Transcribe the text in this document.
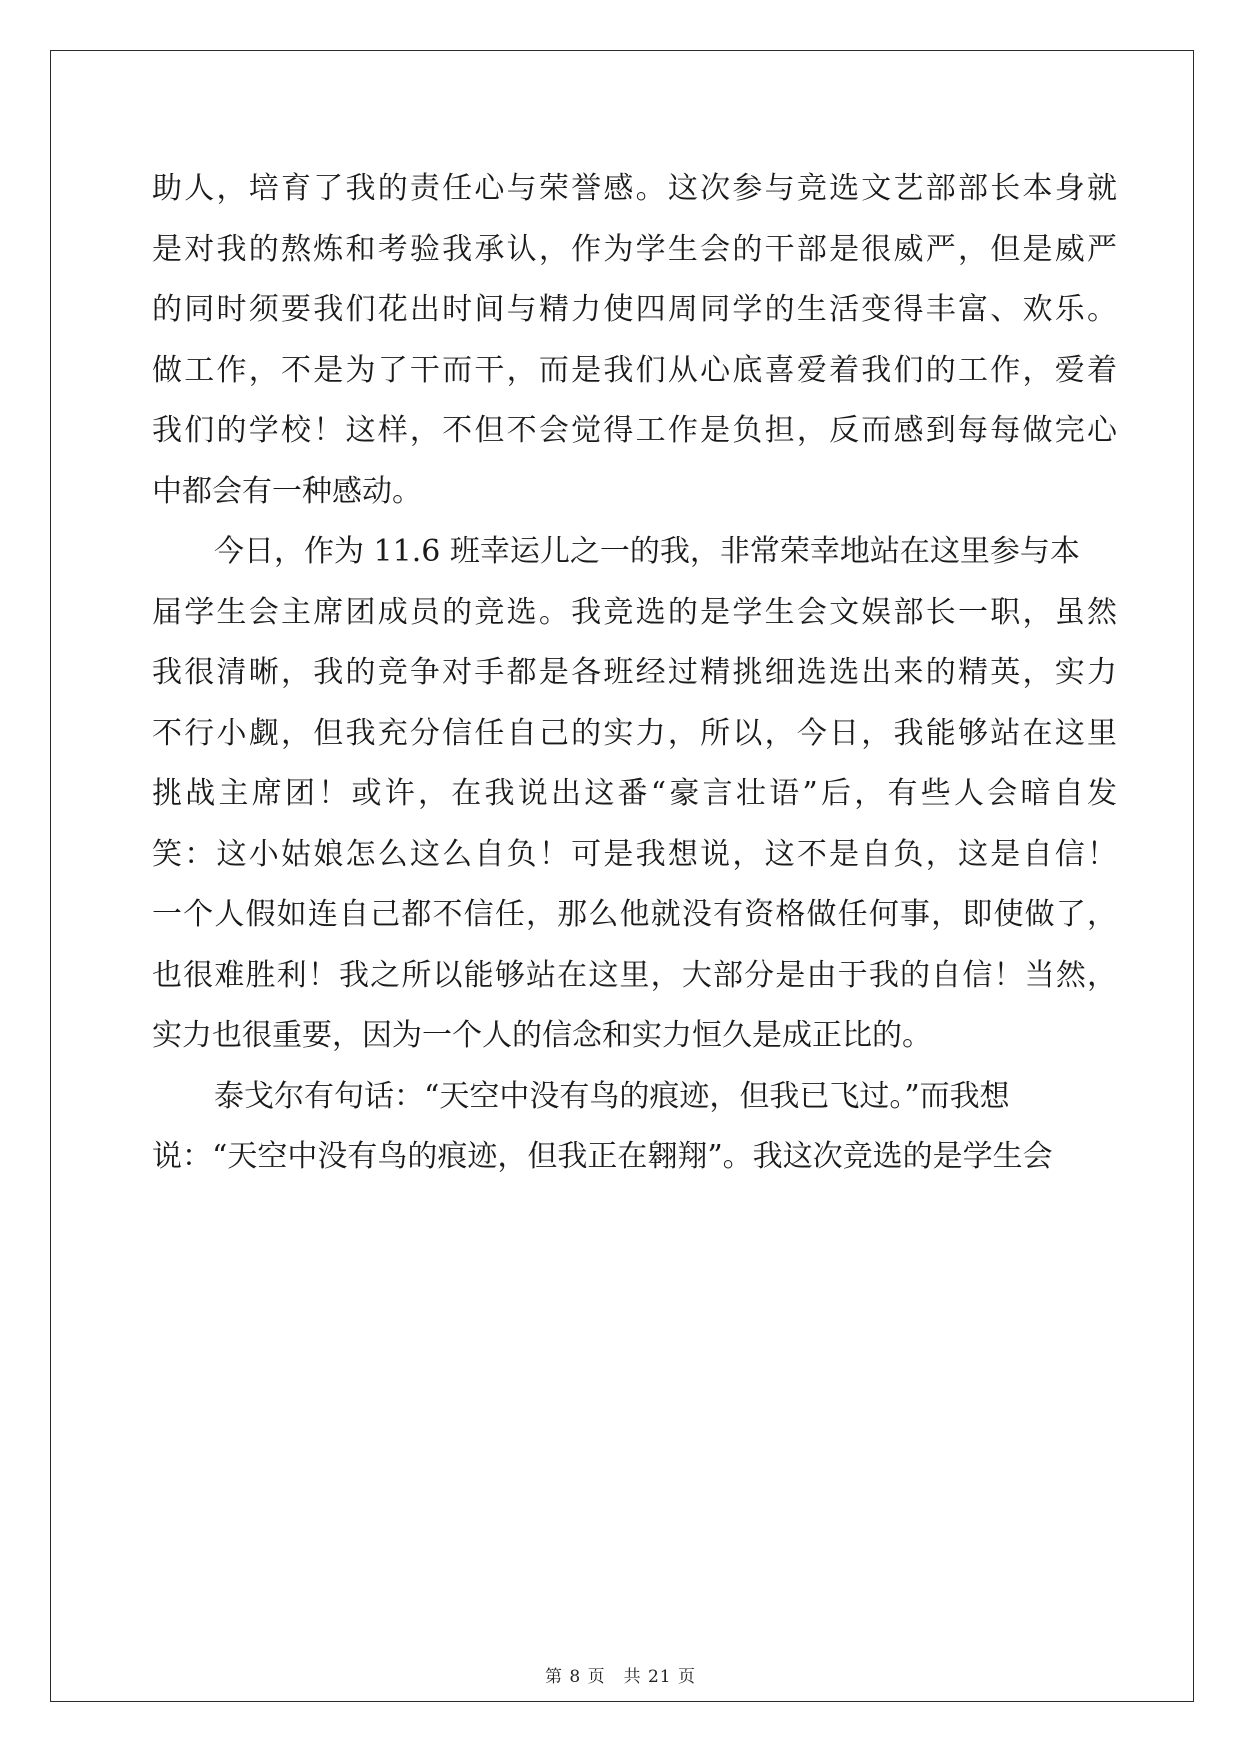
助人，培育了我的责任心与荣誉感。这次参与竞选文艺部部长本身就
是对我的熬炼和考验我承认，作为学生会的干部是很威严，但是威严
的同时须要我们花出时间与精力使四周同学的生活变得丰富、欢乐。
做工作，不是为了干而干，而是我们从心底喜爱着我们的工作，爱着
我们的学校！这样，不但不会觉得工作是负担，反而感到每每做完心
中都会有一种感动。
今日，作为 11.6 班幸运儿之一的我，非常荣幸地站在这里参与本
届学生会主席团成员的竞选。我竞选的是学生会文娱部长一职，虽然
我很清晰，我的竞争对手都是各班经过精挑细选选出来的精英，实力
不行小觑，但我充分信任自己的实力，所以，今日，我能够站在这里
挑战主席团！或许，在我说出这番“豪言壮语”后，有些人会暗自发
笑：这小姑娘怎么这么自负！可是我想说，这不是自负，这是自信！
一个人假如连自己都不信任，那么他就没有资格做任何事，即使做了，
也很难胜利！我之所以能够站在这里，大部分是由于我的自信！当然，
实力也很重要，因为一个人的信念和实力恒久是成正比的。
泰戈尔有句话：“天空中没有鸟的痕迹，但我已飞过。”而我想
说：“天空中没有鸟的痕迹，但我正在翱翔”。我这次竞选的是学生会
第 8 页　共 21 页
